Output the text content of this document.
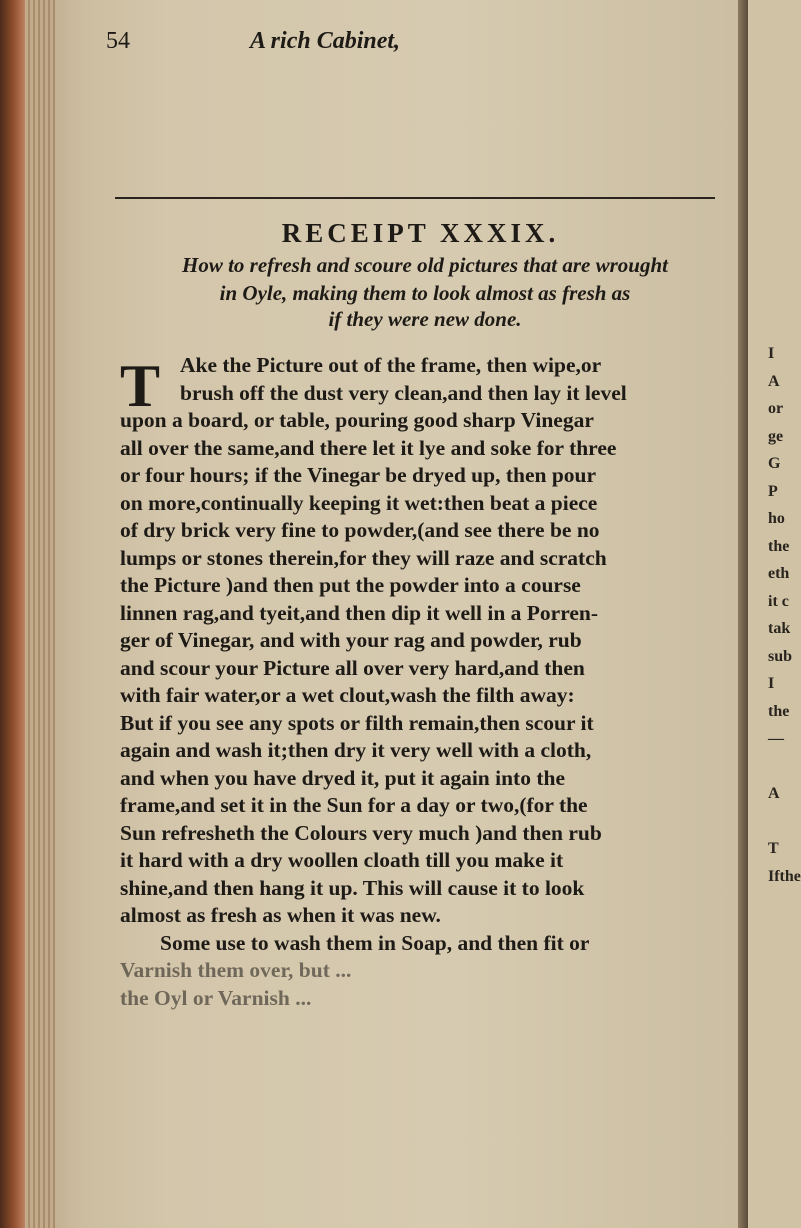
54	A rich Cabinet,
RECEIPT XXXIX.
How to refresh and scoure old pictures that are wrought
in Oyle, making them to look almost as fresh as
if they were new done.
T Ake the Picture out of the frame, then wipe,or
brush off the dust very clean,and then lay it level
upon a board, or table, pouring good sharp Vinegar
all over the same,and there let it lye and soke for three
or four hours; if the Vinegar be dryed up, then pour
on more,continually keeping it wet:then beat a piece
of dry brick very fine to powder,(and see there be no
lumps or stones therein,for they will raze and scratch
the Picture )and then put the powder into a course
linnen rag,and tyeit,and then dip it well in a Porren-
ger of Vinegar, and with your rag and powder, rub
and scour your Picture all over very hard,and then
with fair water,or a wet clout,wash the filth away:
But if you see any spots or filth remain,then scour it
again and wash it;then dry it very well with a cloth,
and when you have dryed it, put it again into the
frame,and set it in the Sun for a day or two,(for the
Sun refresheth the Colours very much )and then rub
it hard with a dry woollen cloath till you make it
shine,and then hang it up. This will cause it to look
almost as fresh as when it was new.
Some use to wash them in Soap, and then fit or
Varnish them over, but ...
the Oyl or Varnish ...
I
A
or
ge
G
P
ho
the
eth
it c
tak
sub
I
the
—

A

T
Ifthe
